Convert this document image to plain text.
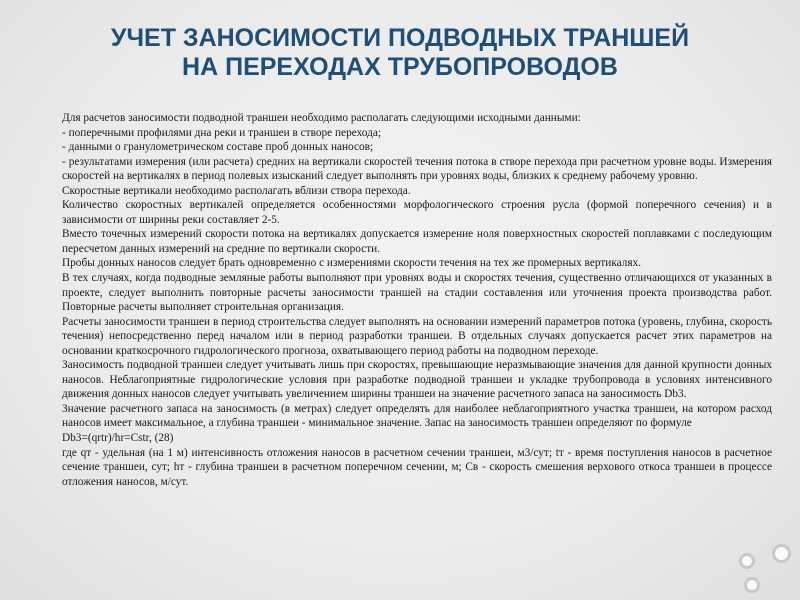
УЧЕТ ЗАНОСИМОСТИ ПОДВОДНЫХ ТРАНШЕЙ
НА ПЕРЕХОДАХ ТРУБОПРОВОДОВ

Для расчетов заносимости подводной траншеи необходимо располагать следующими исходными данными:

- поперечными профилями дна реки и траншеи в створе перехода;

- данными о гранулометрическом составе проб донных наносов;

- результатами измерения (или расчета) средних на вертикали скоростей течения потока в створе перехода при расчетном уровне воды. Измерения скоростей на вертикалях в период полевых изысканий следует выполнять при уровнях воды, близких к среднему рабочему уровню.

Скоростные вертикали необходимо располагать вблизи створа перехода.

Количество скоростных вертикалей определяется особенностями морфологического строения русла (формой поперечного сечения) и в зависимости от ширины реки составляет 2-5.

Вместо точечных измерений скорости потока на вертикалях допускается измерение ноля поверхностных скоростей поплавками с последующим пересчетом данных измерений на средние по вертикали скорости.

Пробы донных наносов следует брать одновременно с измерениями скорости течения на тех же промерных вертикалях.

В тех случаях, когда подводные земляные работы выполняют при уровнях воды и скоростях течения, существенно отличающихся от указанных в проекте, следует выполнить повторные расчеты заносимости траншей на стадии составления или уточнения проекта производства работ. Повторные расчеты выполняет строительная организация.

Расчеты заносимости траншеи в период строительства следует выполнять на основании измерений параметров потока (уровень, глубина, скорость течения) непосредственно перед началом или в период разработки траншеи. В отдельных случаях допускается расчет этих параметров на основании краткосрочного гидрологического прогноза, охватывающего период работы на подводном переходе.

Заносимость подводной траншеи следует учитывать лишь при скоростях, превышающие неразмывающие значения для данной крупности донных наносов. Неблагоприятные гидрологические условия при разработке подводной траншеи и укладке трубопровода в условиях интенсивного движения донных наносов следует учитывать увеличением ширины траншеи на значение расчетного запаса на заносимость Db3.

Значение расчетного запаса на заносимость (в метрах) следует определять для наиболее неблагоприятного участка траншеи, на котором расход наносов имеет максимальное, а глубина траншеи - минимальное значение. Запас на заносимость траншеи определяют по формуле

Db3=(qrtr)/hr=Cstr, (28)

где qт - удельная (на 1 м) интенсивность отложения наносов в расчетном сечении траншеи, м3/сут; tт - время поступления наносов в расчетное сечение траншеи, сут; hт - глубина траншеи в расчетном поперечном сечении, м; Св - скорость смешения верхового откоса траншеи в процессе отложения наносов, м/сут.
